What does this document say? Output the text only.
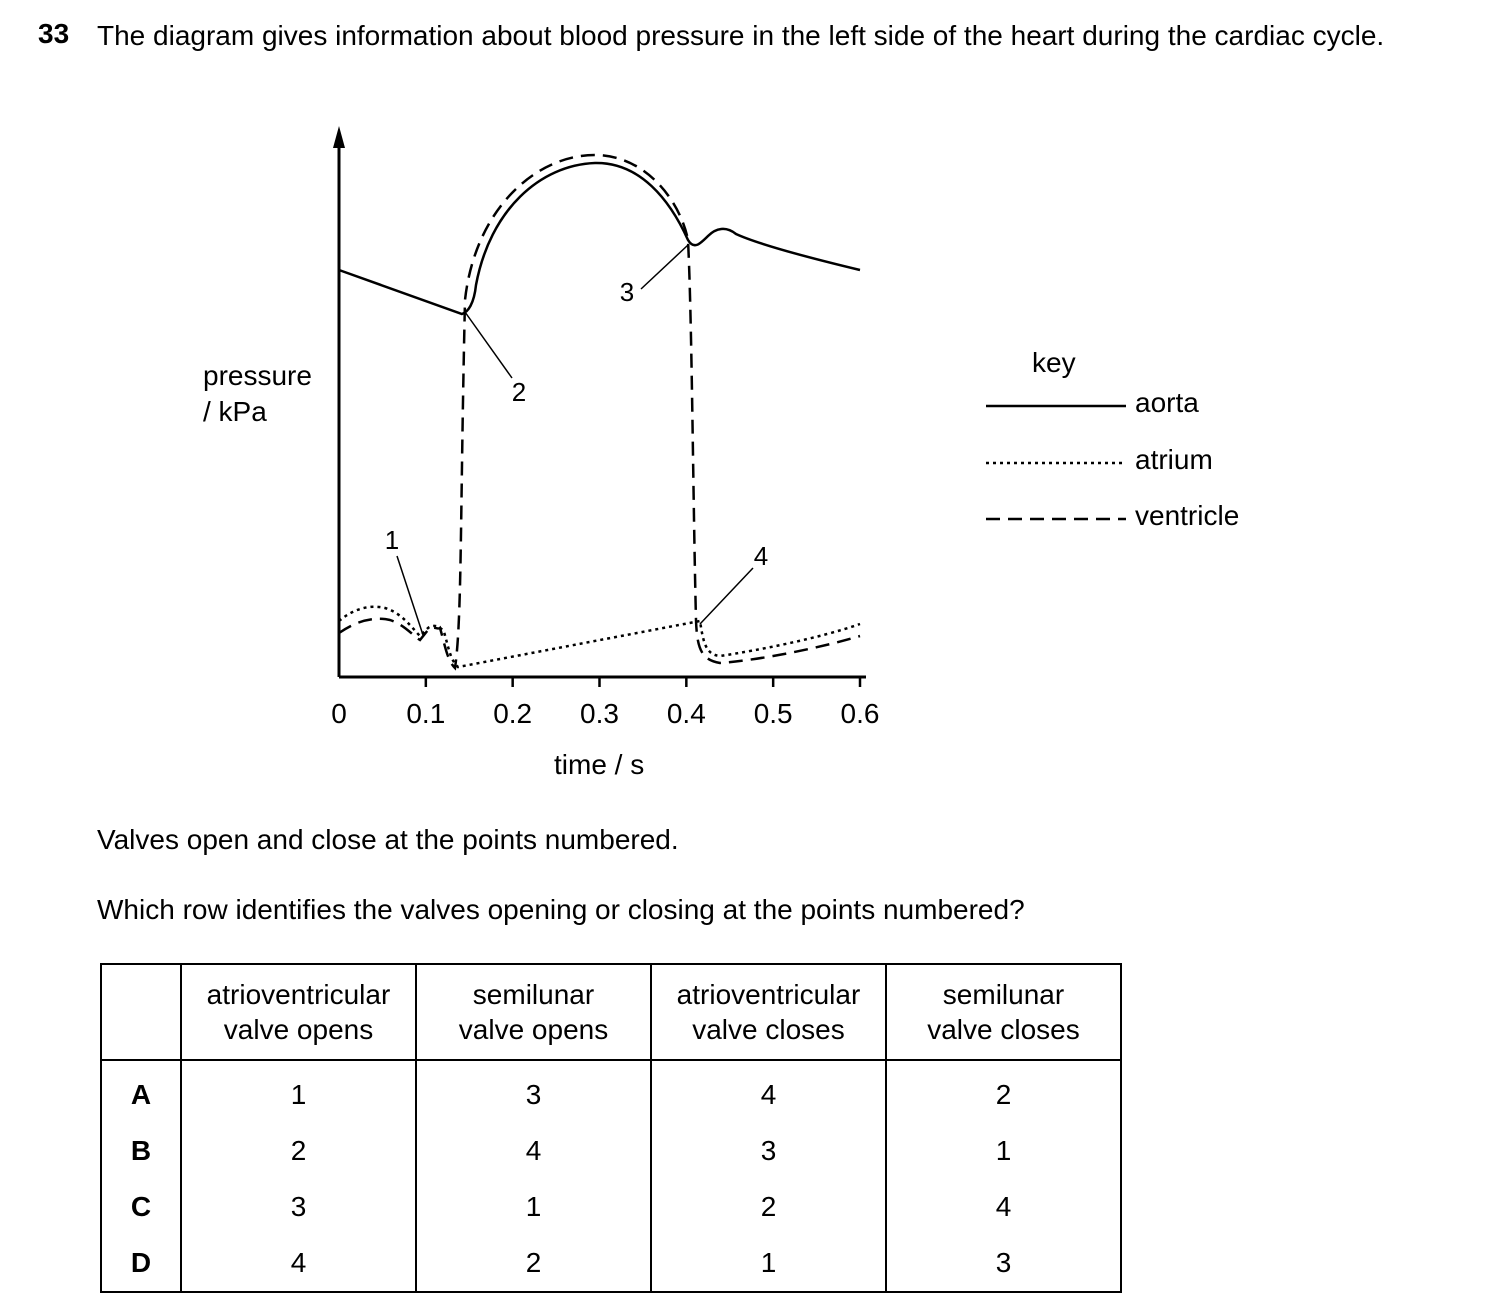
33 The diagram gives information about blood pressure in the left side of the heart during the cardiac cycle.
0 0.1 0.2 0.3 0.4 0.5 0.6
1
2
3
4
pressure
/ kPa
time / s
key
aorta
atrium
ventricle
Valves open and close at the points numbered.
Which row identifies the valves opening or closing at the points numbered?

	atrioventricular
valve opens	semilunar
valve opens	atrioventricular
valve closes	semilunar
valve closes

A	1	3	4	2
B	2	4	3	1
C	3	1	2	4
D	4	2	1	3
